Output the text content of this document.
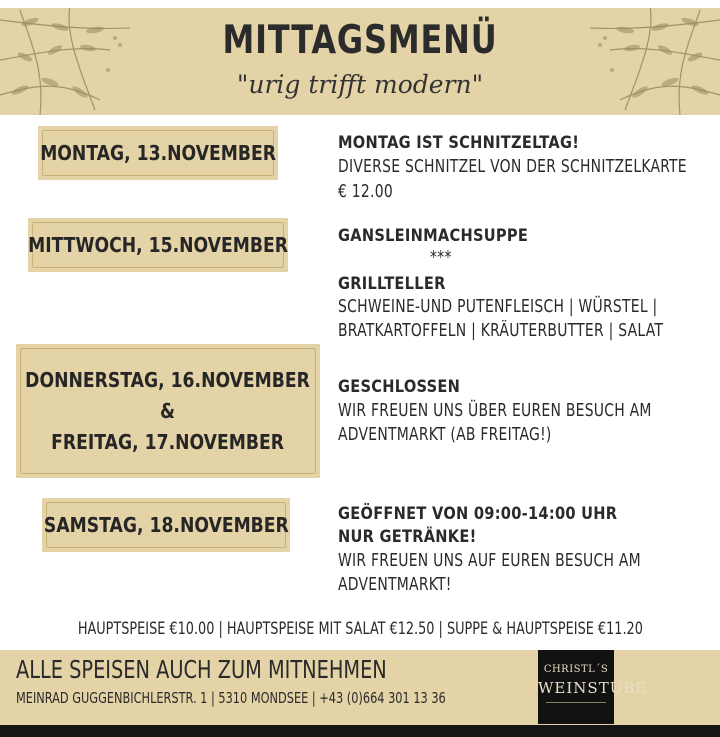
MITTAGSMENÜ
"urig trifft modern"
MONTAG, 13.NOVEMBER
MITTWOCH, 15.NOVEMBER
DONNERSTAG, 16.NOVEMBER
&
FREITAG, 17.NOVEMBER
SAMSTAG, 18.NOVEMBER
MONTAG IST SCHNITZELTAG!
DIVERSE SCHNITZEL VON DER SCHNITZELKARTE
€ 12.00
GANSLEINMACHSUPPE
***
GRILLTELLER
SCHWEINE-UND PUTENFLEISCH | WÜRSTEL |
BRATKARTOFFELN | KRÄUTERBUTTER | SALAT
GESCHLOSSEN
WIR FREUEN UNS ÜBER EUREN BESUCH AM
ADVENTMARKT (AB FREITAG!)
GEÖFFNET VON 09:00-14:00 UHR
NUR GETRÄNKE!
WIR FREUEN UNS AUF EUREN BESUCH AM
ADVENTMARKT!
HAUPTSPEISE €10.00 | HAUPTSPEISE MIT SALAT €12.50 | SUPPE & HAUPTSPEISE €11.20
ALLE SPEISEN AUCH ZUM MITNEHMEN
MEINRAD GUGGENBICHLERSTR. 1 | 5310 MONDSEE | +43 (0)664 301 13 36
CHRISTL´S
WEINSTUBE
